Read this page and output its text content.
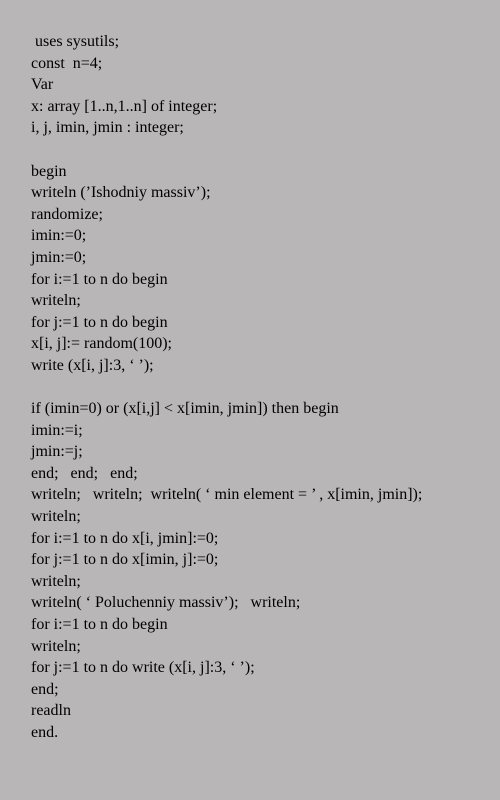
uses sysutils;
const  n=4;
Var
x: array [1..n,1..n] of integer;
i, j, imin, jmin : integer;
begin
writeln (’Ishodniy massiv’);
randomize;
imin:=0;
jmin:=0;
for i:=1 to n do begin
writeln;
for j:=1 to n do begin
x[i, j]:= random(100);
write (x[i, j]:3, ‘ ’);
if (imin=0) or (x[i,j] < x[imin, jmin]) then begin
imin:=i;
jmin:=j;
end;   end;   end;
writeln;   writeln;  writeln( ‘ min element = ’ , x[imin, jmin]);
writeln;
for i:=1 to n do x[i, jmin]:=0;
for j:=1 to n do x[imin, j]:=0;
writeln;
writeln( ‘ Poluchenniy massiv’);   writeln;
for i:=1 to n do begin
writeln;
for j:=1 to n do write (x[i, j]:3, ‘ ’);
end;
readln
end.
